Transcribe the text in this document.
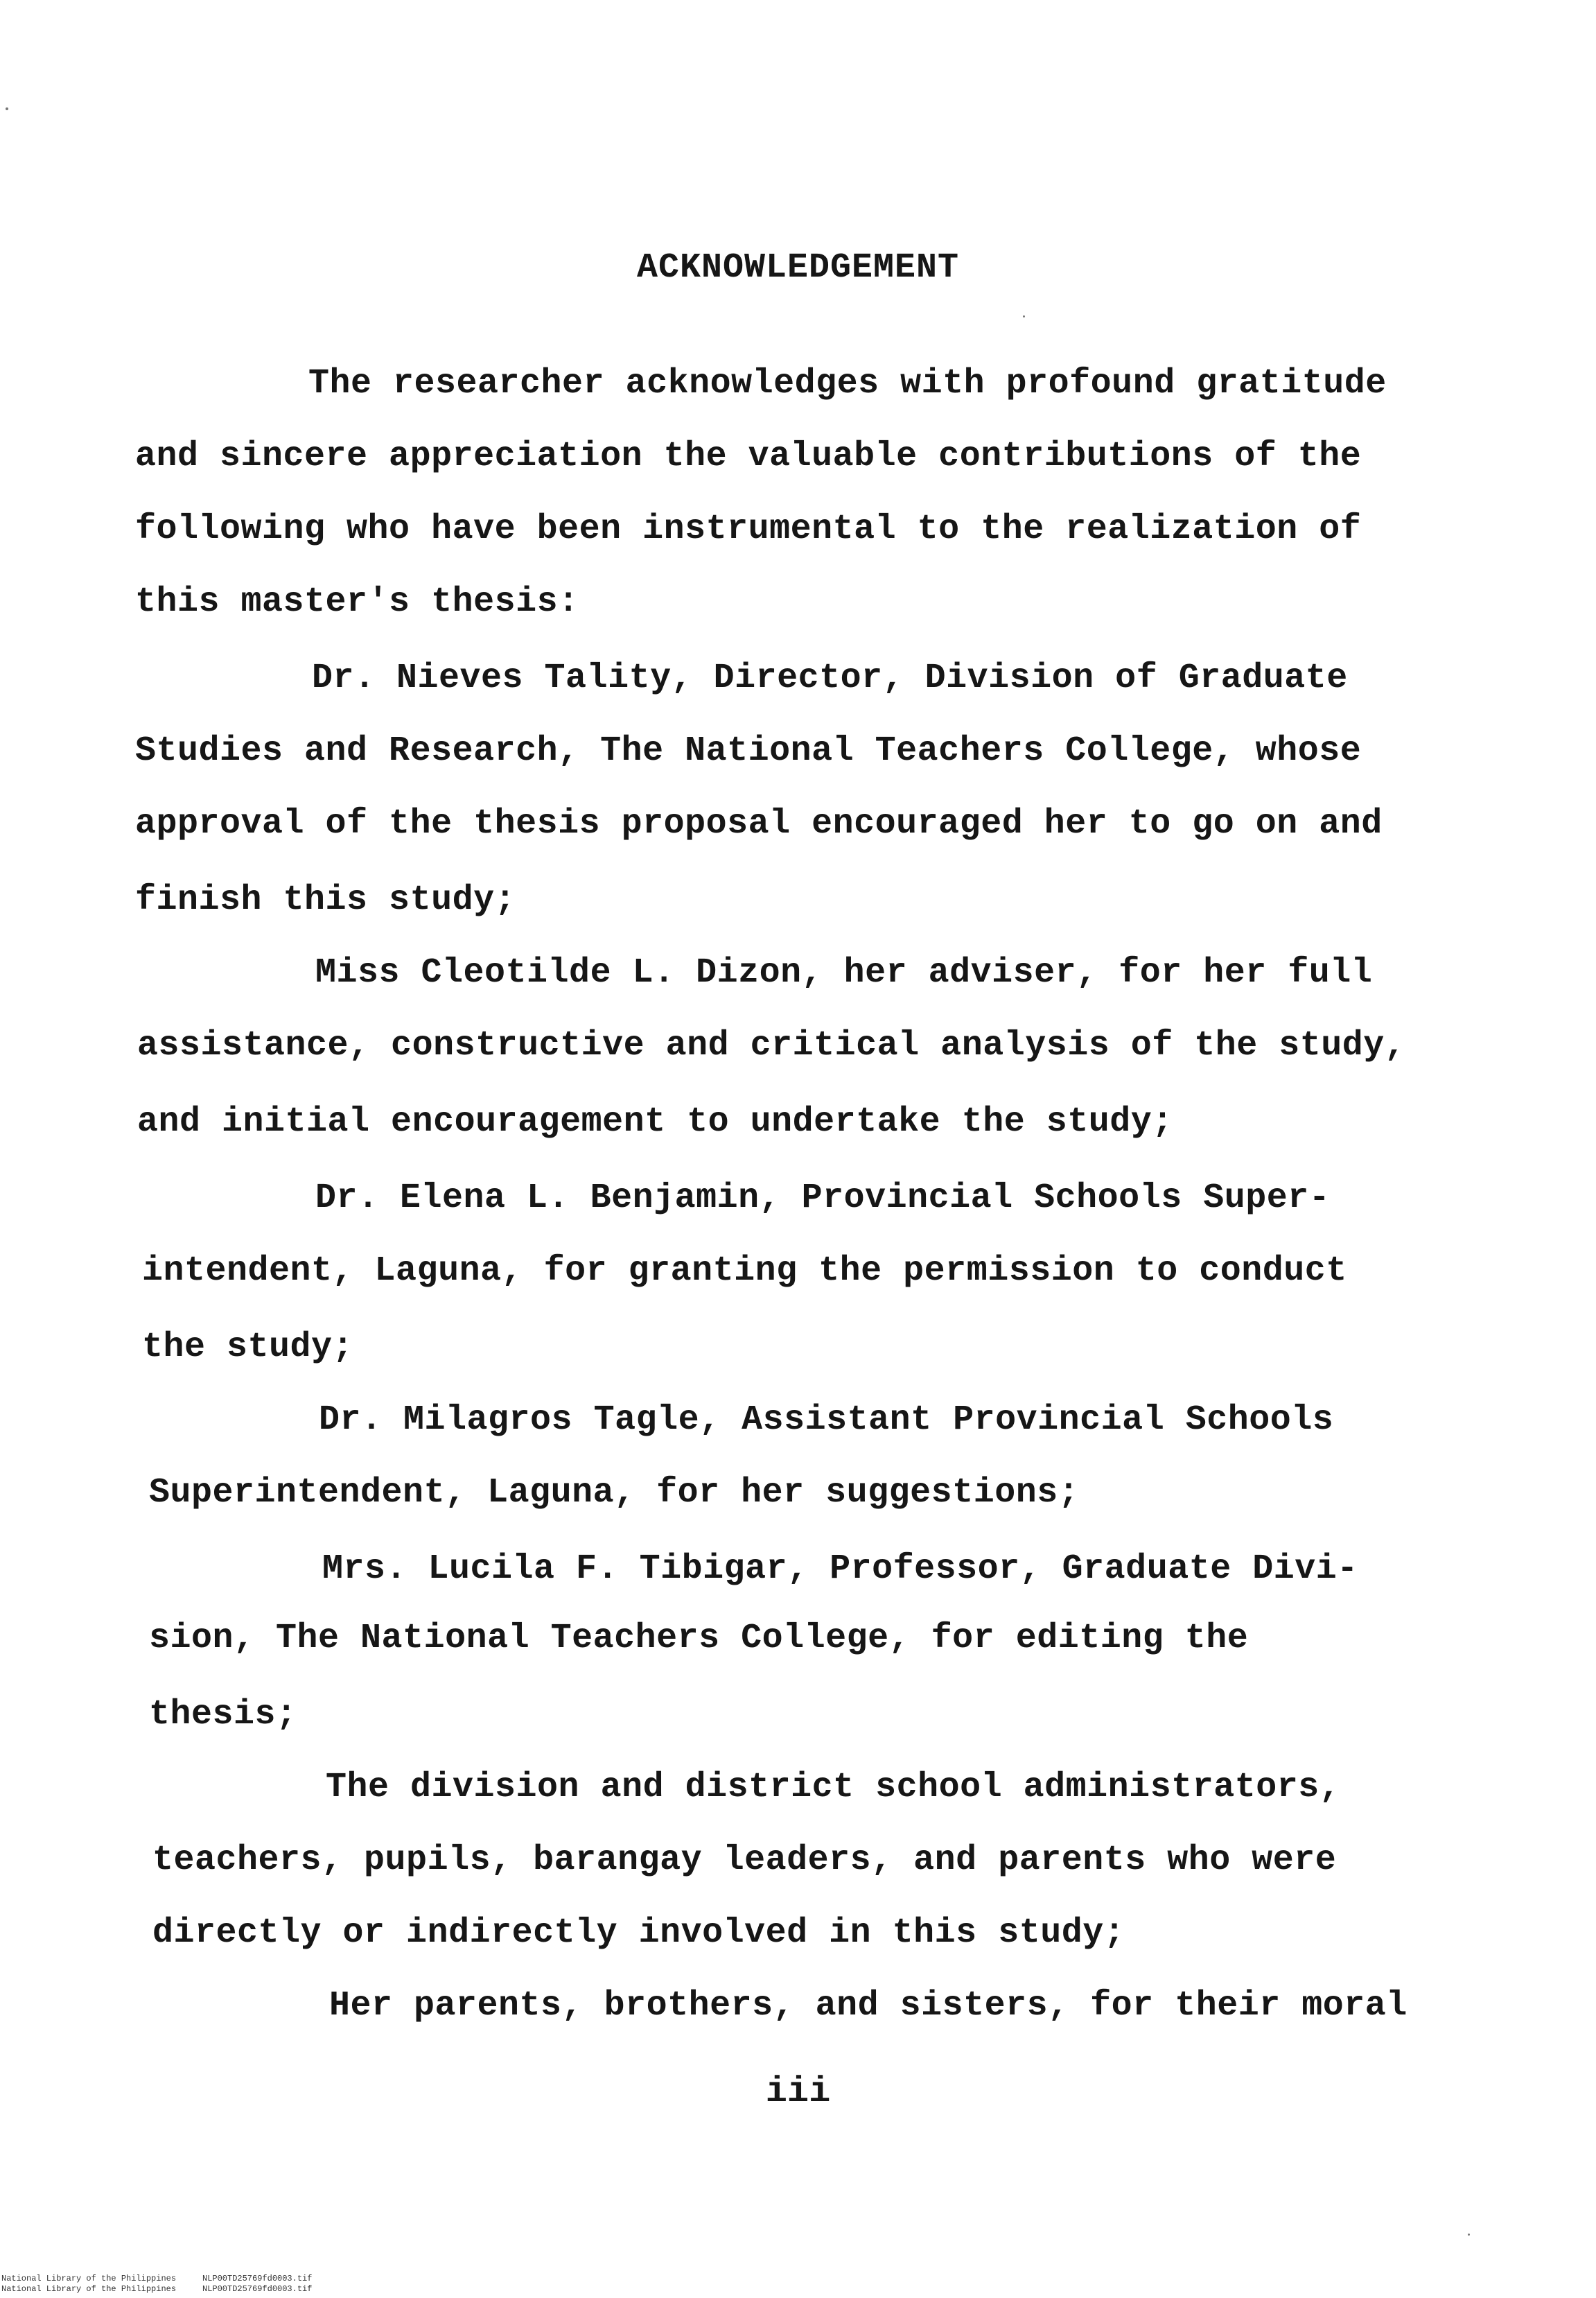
ACKNOWLEDGEMENT
The researcher acknowledges with profound gratitude
and sincere appreciation the valuable contributions of the
following who have been instrumental to the realization of
this master's thesis:
Dr. Nieves Tality, Director, Division of Graduate
Studies and Research, The National Teachers College, whose
approval of the thesis proposal encouraged her to go on and
finish this study;
Miss Cleotilde L. Dizon, her adviser, for her full
assistance, constructive and critical analysis of the study,
and initial encouragement to undertake the study;
Dr. Elena L. Benjamin, Provincial Schools Super-
intendent, Laguna, for granting the permission to conduct
the study;
Dr. Milagros Tagle, Assistant Provincial Schools
Superintendent, Laguna, for her suggestions;
Mrs. Lucila F. Tibigar, Professor, Graduate Divi-
sion, The National Teachers College, for editing the
thesis;
The division and district school administrators,
teachers, pupils, barangay leaders, and parents who were
directly or indirectly involved in this study;
Her parents, brothers, and sisters, for their moral
iii
National Library of the Philippines	NLP00TD25769fd0003.tif
National Library of the Philippines	NLP00TD25769fd0003.tif
